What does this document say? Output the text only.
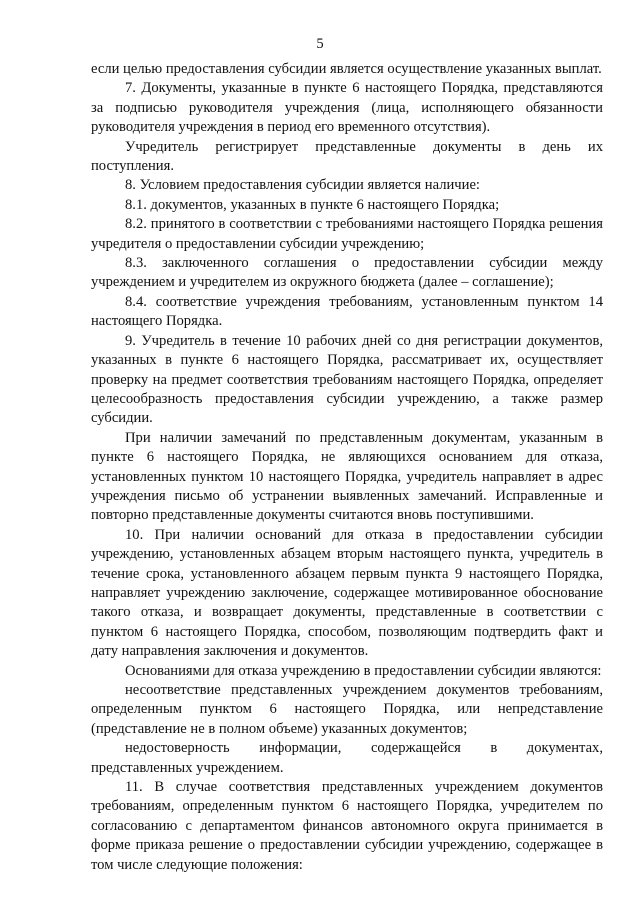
5

если целью предоставления субсидии является осуществление указанных выплат.

7. Документы, указанные в пункте 6 настоящего Порядка, представляются за подписью руководителя учреждения (лица, исполняющего обязанности руководителя учреждения в период его временного отсутствия).

Учредитель регистрирует представленные документы в день их поступления.

8. Условием предоставления субсидии является наличие:

8.1. документов, указанных в пункте 6 настоящего Порядка;

8.2. принятого в соответствии с требованиями настоящего Порядка решения учредителя о предоставлении субсидии учреждению;

8.3. заключенного соглашения о предоставлении субсидии между учреждением и учредителем из окружного бюджета (далее – соглашение);

8.4. соответствие учреждения требованиям, установленным пунктом 14 настоящего Порядка.

9. Учредитель в течение 10 рабочих дней со дня регистрации документов, указанных в пункте 6 настоящего Порядка, рассматривает их, осуществляет проверку на предмет соответствия требованиям настоящего Порядка, определяет целесообразность предоставления субсидии учреждению, а также размер субсидии.

При наличии замечаний по представленным документам, указанным в пункте 6 настоящего Порядка, не являющихся основанием для отказа, установленных пунктом 10 настоящего Порядка, учредитель направляет в адрес учреждения письмо об устранении выявленных замечаний. Исправленные и повторно представленные документы считаются вновь поступившими.

10. При наличии оснований для отказа в предоставлении субсидии учреждению, установленных абзацем вторым настоящего пункта, учредитель в течение срока, установленного абзацем первым пункта 9 настоящего Порядка, направляет учреждению заключение, содержащее мотивированное обоснование такого отказа, и возвращает документы, представленные в соответствии с пунктом 6 настоящего Порядка, способом, позволяющим подтвердить факт и дату направления заключения и документов.

Основаниями для отказа учреждению в предоставлении субсидии являются:

несоответствие представленных учреждением документов требованиям, определенным пунктом 6 настоящего Порядка, или непредставление (представление не в полном объеме) указанных документов;

недостоверность информации, содержащейся в документах, представленных учреждением.

11. В случае соответствия представленных учреждением документов требованиям, определенным пунктом 6 настоящего Порядка, учредителем по согласованию с департаментом финансов автономного округа принимается в форме приказа решение о предоставлении субсидии учреждению, содержащее в том числе следующие положения:
